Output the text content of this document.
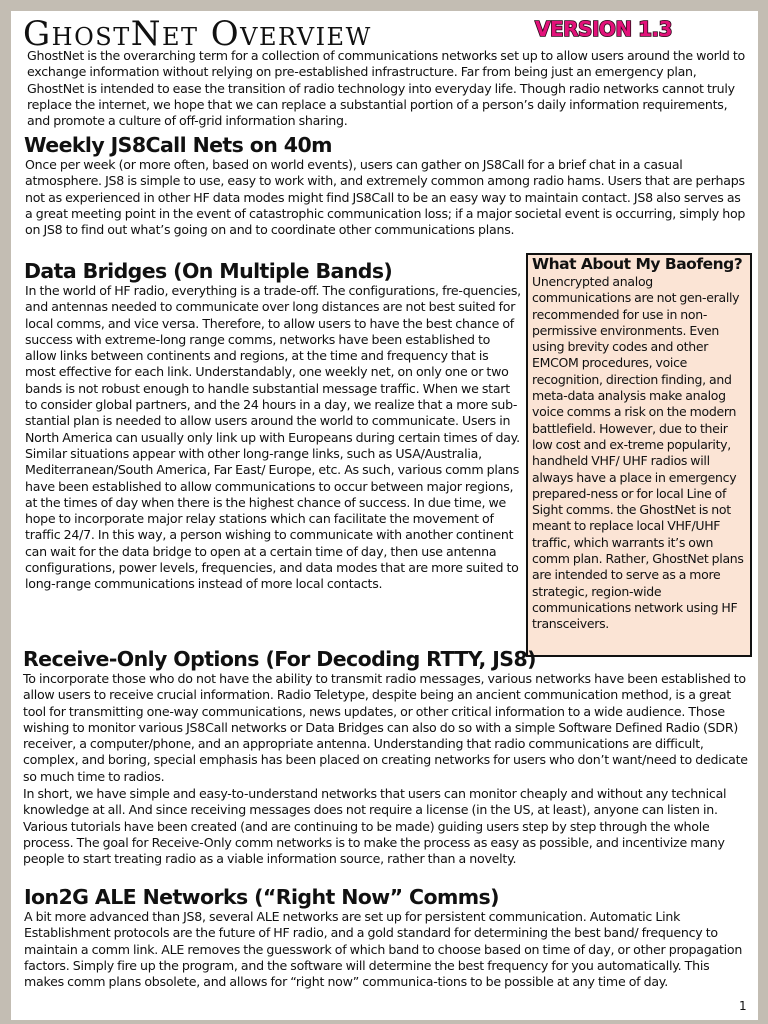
GhostNet Overview	VERSION 1.3

GhostNet is the overarching term for a collection of communications networks set up to allow users around the world to exchange information without relying on pre-established infrastructure. Far from being just an emergency plan, GhostNet is intended to ease the transition of radio technology into everyday life. Though radio networks cannot truly replace the internet, we hope that we can replace a substantial portion of a person’s daily information requirements, and promote a culture of off-grid information sharing.

Weekly JS8Call Nets on 40m

Once per week (or more often, based on world events), users can gather on JS8Call for a brief chat in a casual atmosphere. JS8 is simple to use, easy to work with, and extremely common among radio hams. Users that are perhaps not as experienced in other HF data modes might find JS8Call to be an easy way to maintain contact. JS8 also serves as a great meeting point in the event of catastrophic communication loss; if a major societal event is occurring, simply hop on JS8 to find out what’s going on and to coordinate other communications plans.

Data Bridges (On Multiple Bands)

In the world of HF radio, everything is a trade-off. The configurations, fre-quencies, and antennas needed to communicate over long distances are not best suited for local comms, and vice versa. Therefore, to allow users to have the best chance of success with extreme-long range comms, networks have been established to allow links between continents and regions, at the time and frequency that is most effective for each link. Understandably, one weekly net, on only one or two bands is not robust enough to handle substantial message traffic. When we start to consider global partners, and the 24 hours in a day, we realize that a more sub-stantial plan is needed to allow users around the world to communicate. Users in North America can usually only link up with Europeans during certain times of day. Similar situations appear with other long-range links, such as USA/Australia, Mediterranean/South America, Far East/ Europe, etc. As such, various comm plans have been established to allow communications to occur between major regions, at the times of day when there is the highest chance of success. In due time, we hope to incorporate major relay stations which can facilitate the movement of traffic 24/7. In this way, a person wishing to communicate with another continent can wait for the data bridge to open at a certain time of day, then use antenna configurations, power levels, frequencies, and data modes that are more suited to long-range communications instead of more local contacts.

What About My Baofeng?

Unencrypted analog communications are not gen-erally recommended for use in non-permissive environments. Even using brevity codes and other EMCOM procedures, voice recognition, direction finding, and meta-data analysis make analog voice comms a risk on the modern battlefield. However, due to their low cost and ex-treme popularity, handheld VHF/ UHF radios will always have a place in emergency prepared-ness or for local Line of Sight comms. the GhostNet is not meant to replace local VHF/UHF traffic, which warrants it’s own comm plan. Rather, GhostNet plans are intended to serve as a more strategic, region-wide communications network using HF transceivers.

Receive-Only Options (For Decoding RTTY, JS8)

To incorporate those who do not have the ability to transmit radio messages, various networks have been established to allow users to receive crucial information. Radio Teletype, despite being an ancient communication method, is a great tool for transmitting one-way communications, news updates, or other critical information to a wide audience. Those wishing to monitor various JS8Call networks or Data Bridges can also do so with a simple Software Defined Radio (SDR) receiver, a computer/phone, and an appropriate antenna. Understanding that radio communications are difficult, complex, and boring, special emphasis has been placed on creating networks for users who don’t want/need to dedicate so much time to radios.

In short, we have simple and easy-to-understand networks that users can monitor cheaply and without any technical knowledge at all. And since receiving messages does not require a license (in the US, at least), anyone can listen in. Various tutorials have been created (and are continuing to be made) guiding users step by step through the whole process. The goal for Receive-Only comm networks is to make the process as easy as possible, and incentivize many people to start treating radio as a viable information source, rather than a novelty.

Ion2G ALE Networks (“Right Now” Comms)

A bit more advanced than JS8, several ALE networks are set up for persistent communication. Automatic Link Establishment protocols are the future of HF radio, and a gold standard for determining the best band/ frequency to maintain a comm link. ALE removes the guesswork of which band to choose based on time of day, or other propagation factors. Simply fire up the program, and the software will determine the best frequency for you automatically. This makes comm plans obsolete, and allows for “right now” communica-tions to be possible at any time of day.

1
